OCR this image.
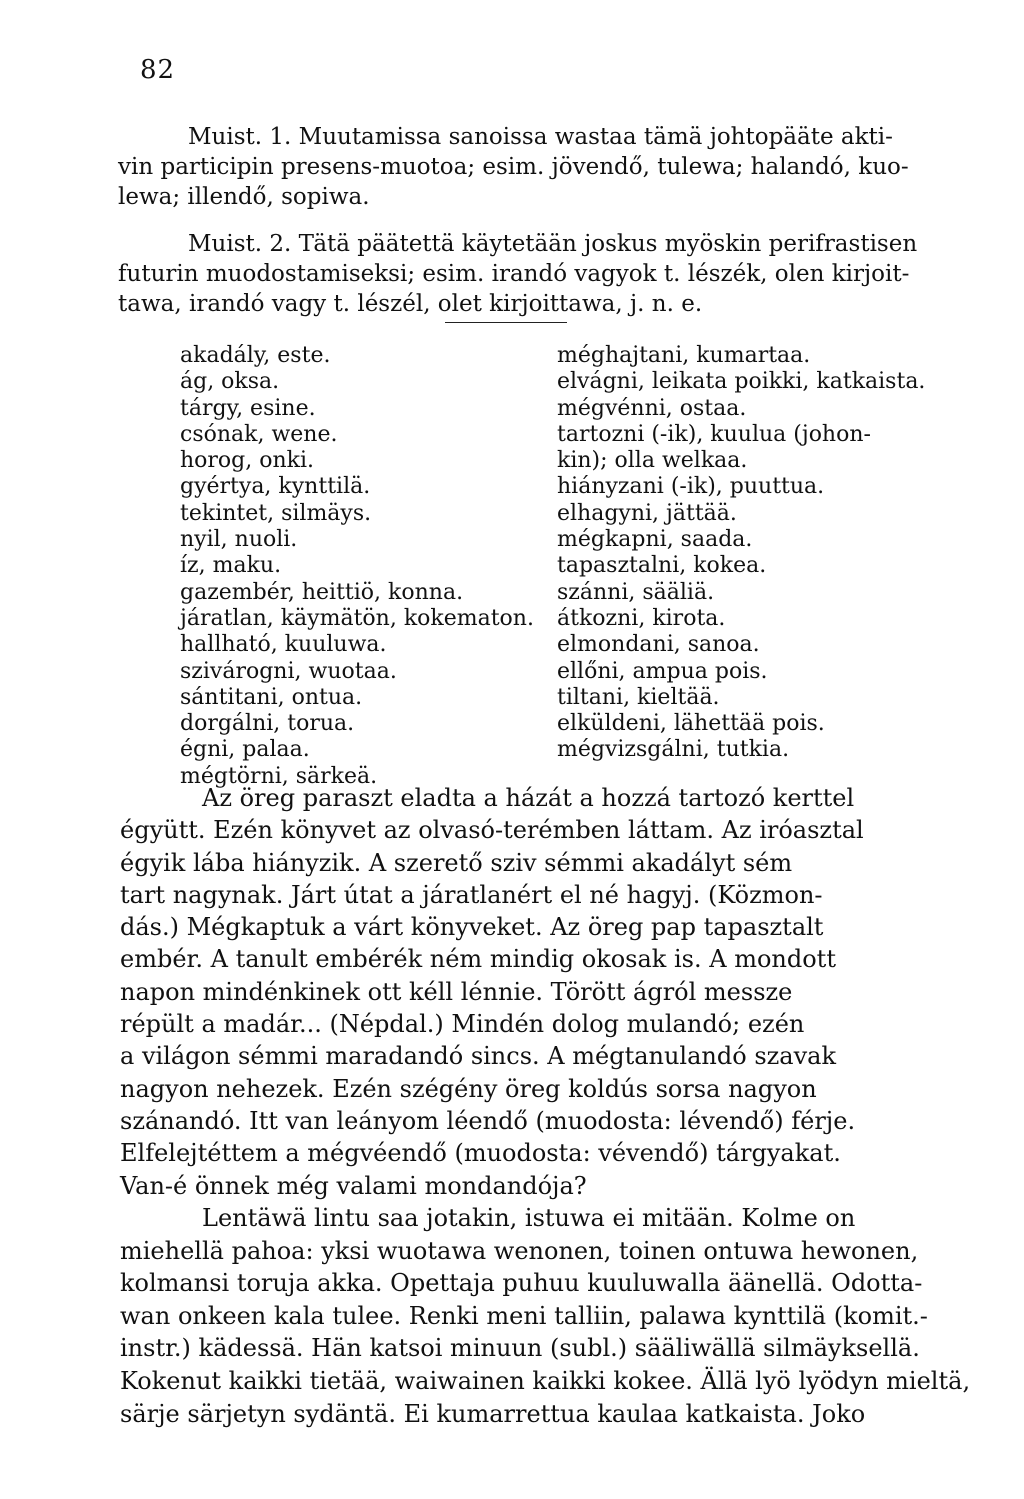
82
Muist. 1. Muutamissa sanoissa wastaa tämä johtopääte akti-
vin participin presens-muotoa; esim. jövendő, tulewa; halandó, kuo-
lewa; illendő, sopiwa.
Muist. 2. Tätä päätettä käytetään joskus myöskin perifrastisen
futurin muodostamiseksi; esim. irandó vagyok t. lészék, olen kirjoit-
tawa, irandó vagy t. lészél, olet kirjoittawa, j. n. e.
akadály, este.
ág, oksa.
tárgy, esine.
csónak, wene.
horog, onki.
gyértya, kynttilä.
tekintet, silmäys.
nyil, nuoli.
íz, maku.
gazembér, heittiö, konna.
járatlan, käymätön, kokematon.
hallható, kuuluwa.
szivárogni, wuotaa.
sántitani, ontua.
dorgálni, torua.
égni, palaa.
mégtörni, särkeä.
méghajtani, kumartaa.
elvágni, leikata poikki, katkaista.
mégvénni, ostaa.
tartozni (-ik), kuulua (johon-
kin); olla welkaa.
hiányzani (-ik), puuttua.
elhagyni, jättää.
mégkapni, saada.
tapasztalni, kokea.
szánni, sääliä.
átkozni, kirota.
elmondani, sanoa.
ellőni, ampua pois.
tiltani, kieltää.
elküldeni, lähettää pois.
mégvizsgálni, tutkia.
Az öreg paraszt eladta a házát a hozzá tartozó kerttel
égyütt. Ezén könyvet az olvasó-terémben láttam. Az iróasztal
égyik lába hiányzik. A szerető sziv sémmi akadályt sém
tart nagynak. Járt útat a járatlanért el né hagyj. (Közmon-
dás.) Mégkaptuk a várt könyveket. Az öreg pap tapasztalt
embér. A tanult embérék ném mindig okosak is. A mondott
napon mindénkinek ott kéll lénnie. Törött ágról messze
répült a madár... (Népdal.) Mindén dolog mulandó; ezén
a világon sémmi maradandó sincs. A mégtanulandó szavak
nagyon nehezek. Ezén szégény öreg koldús sorsa nagyon
szánandó. Itt van leányom léendő (muodosta: lévendő) férje.
Elfelejtéttem a mégvéendő (muodosta: vévendő) tárgyakat.
Van-é önnek még valami mondandója?
Lentäwä lintu saa jotakin, istuwa ei mitään. Kolme on
miehellä pahoa: yksi wuotawa wenonen, toinen ontuwa hewonen,
kolmansi toruja akka. Opettaja puhuu kuuluwalla äänellä. Odotta-
wan onkeen kala tulee. Renki meni talliin, palawa kynttilä (komit.-
instr.) kädessä. Hän katsoi minuun (subl.) sääliwällä silmäyksellä.
Kokenut kaikki tietää, waiwainen kaikki kokee. Ällä lyö lyödyn mieltä,
särje särjetyn sydäntä. Ei kumarrettua kaulaa katkaista. Joko
